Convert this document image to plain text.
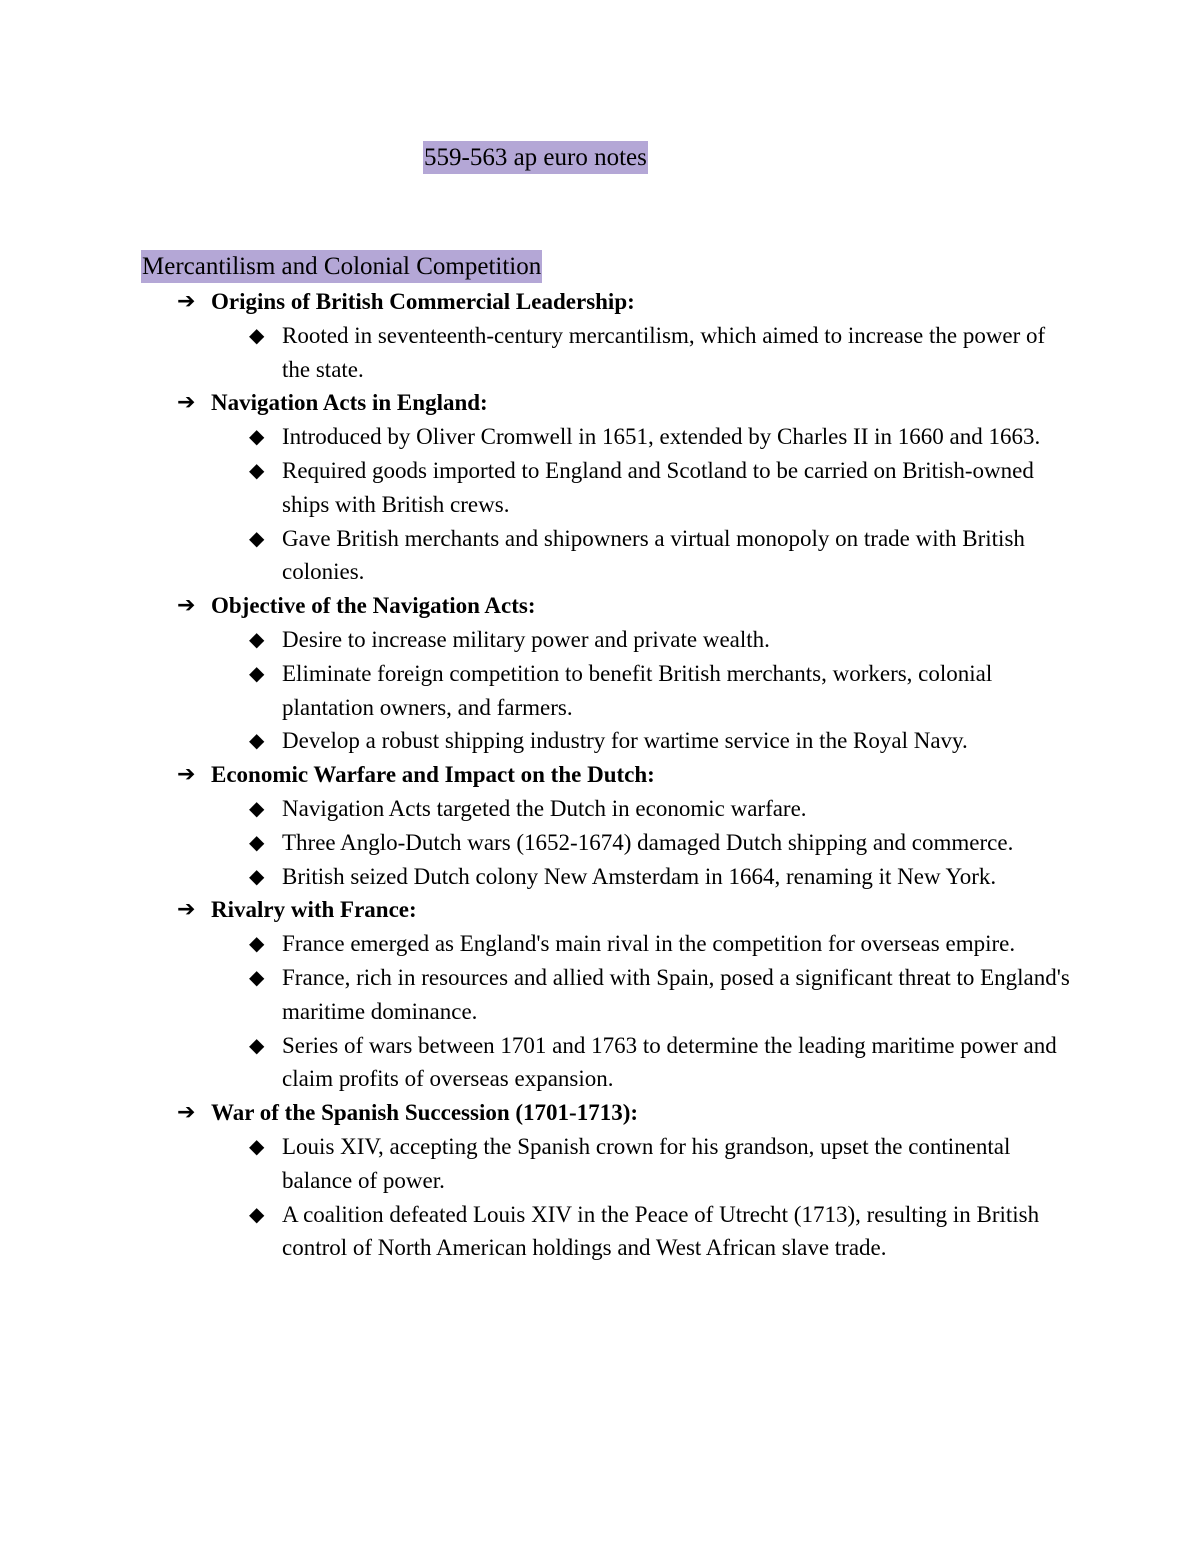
559-563 ap euro notes
Mercantilism and Colonial Competition
➔ Origins of British Commercial Leadership:
◆ Rooted in seventeenth-century mercantilism, which aimed to increase the power of the state.
➔ Navigation Acts in England:
◆ Introduced by Oliver Cromwell in 1651, extended by Charles II in 1660 and 1663.
◆ Required goods imported to England and Scotland to be carried on British-owned ships with British crews.
◆ Gave British merchants and shipowners a virtual monopoly on trade with British colonies.
➔ Objective of the Navigation Acts:
◆ Desire to increase military power and private wealth.
◆ Eliminate foreign competition to benefit British merchants, workers, colonial plantation owners, and farmers.
◆ Develop a robust shipping industry for wartime service in the Royal Navy.
➔ Economic Warfare and Impact on the Dutch:
◆ Navigation Acts targeted the Dutch in economic warfare.
◆ Three Anglo-Dutch wars (1652-1674) damaged Dutch shipping and commerce.
◆ British seized Dutch colony New Amsterdam in 1664, renaming it New York.
➔ Rivalry with France:
◆ France emerged as England's main rival in the competition for overseas empire.
◆ France, rich in resources and allied with Spain, posed a significant threat to England's maritime dominance.
◆ Series of wars between 1701 and 1763 to determine the leading maritime power and claim profits of overseas expansion.
➔ War of the Spanish Succession (1701-1713):
◆ Louis XIV, accepting the Spanish crown for his grandson, upset the continental balance of power.
◆ A coalition defeated Louis XIV in the Peace of Utrecht (1713), resulting in British control of North American holdings and West African slave trade.
